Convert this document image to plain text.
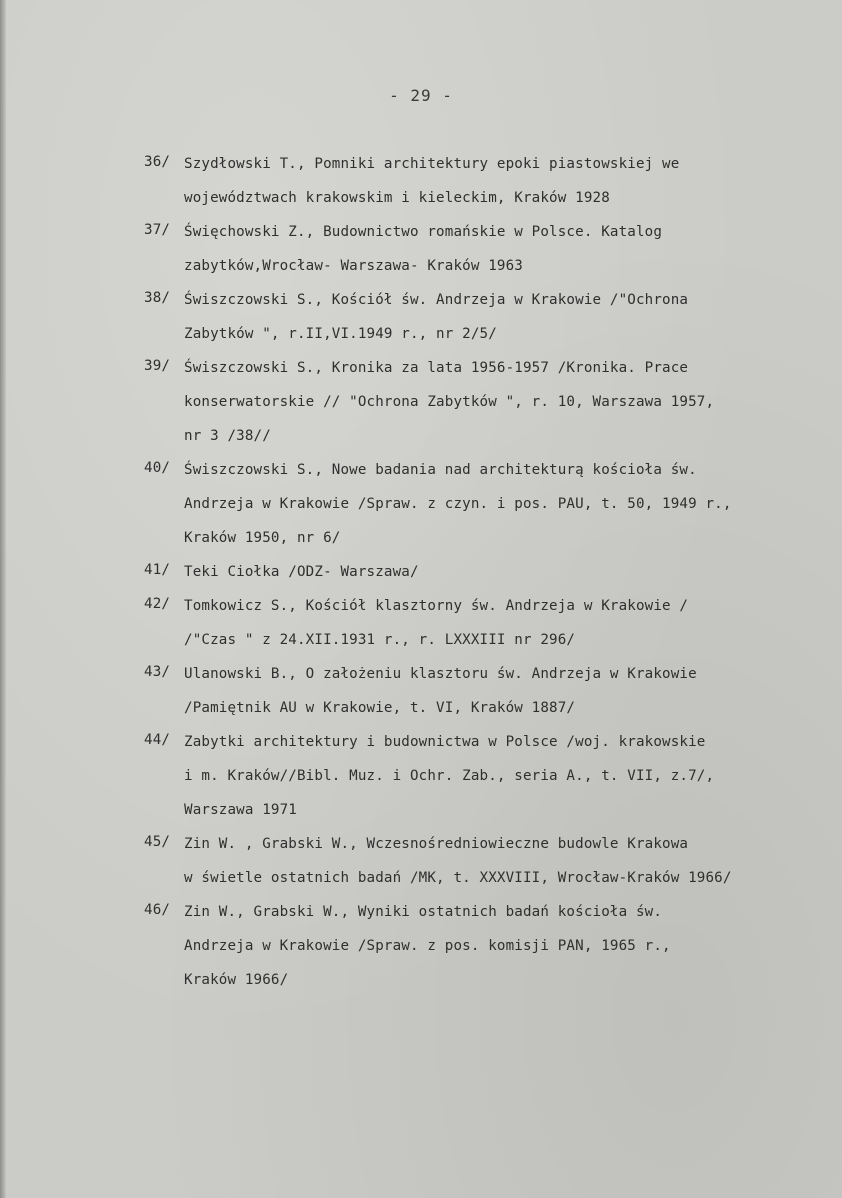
- 29 -
36/ Szydłowski T., Pomniki architektury epoki piastowskiej we
województwach krakowskim i kieleckim, Kraków 1928
37/ Święchowski Z., Budownictwo romańskie w Polsce. Katalog
zabytków,Wrocław- Warszawa- Kraków 1963
38/ Świszczowski S., Kościół św. Andrzeja w Krakowie /"Ochrona
Zabytków ", r.II,VI.1949 r., nr 2/5/
39/ Świszczowski S., Kronika za lata 1956-1957 /Kronika. Prace
konserwatorskie // "Ochrona Zabytków ", r. 10, Warszawa 1957,
nr 3 /38//
40/ Świszczowski S., Nowe badania nad architekturą kościoła św.
Andrzeja w Krakowie /Spraw. z czyn. i pos. PAU, t. 50, 1949 r.,
Kraków 1950, nr 6/
41/ Teki Ciołka /ODZ- Warszawa/
42/ Tomkowicz S., Kościół klasztorny św. Andrzeja w Krakowie /
/"Czas " z 24.XII.1931 r., r. LXXXIII nr 296/
43/ Ulanowski B., O założeniu klasztoru św. Andrzeja w Krakowie
/Pamiętnik AU w Krakowie, t. VI, Kraków 1887/
44/ Zabytki architektury i budownictwa w Polsce /woj. krakowskie
i m. Kraków//Bibl. Muz. i Ochr. Zab., seria A., t. VII, z.7/,
Warszawa 1971
45/ Zin W. , Grabski W., Wczesnośredniowieczne budowle Krakowa
w świetle ostatnich badań /MK, t. XXXVIII, Wrocław-Kraków 1966/
46/ Zin W., Grabski W., Wyniki ostatnich badań kościoła św.
Andrzeja w Krakowie /Spraw. z pos. komisji PAN, 1965 r.,
Kraków 1966/
